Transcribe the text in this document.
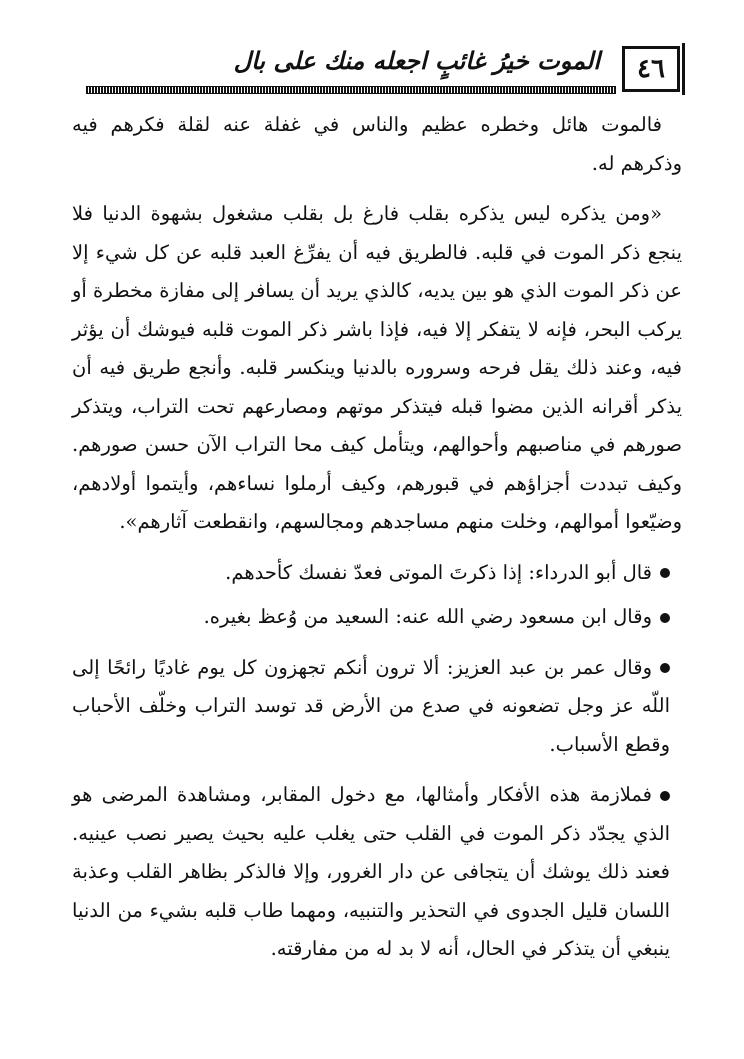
٤٦
الموت خيرُ غائبٍ اجعله منك على بال

فالموت هائل وخطره عظيم والناس في غفلة عنه لقلة فكرهم فيه وذكرهم له.

«ومن يذكره ليس يذكره بقلب فارغ بل بقلب مشغول بشهوة الدنيا فلا ينجع ذكر الموت في قلبه. فالطريق فيه أن يفرِّغ العبد قلبه عن كل شيء إلا عن ذكر الموت الذي هو بين يديه، كالذي يريد أن يسافر إلى مفازة مخطرة أو يركب البحر، فإنه لا يتفكر إلا فيه، فإذا باشر ذكر الموت قلبه فيوشك أن يؤثر فيه، وعند ذلك يقل فرحه وسروره بالدنيا وينكسر قلبه. وأنجع طريق فيه أن يذكر أقرانه الذين مضوا قبله فيتذكر موتهم ومصارعهم تحت التراب، ويتذكر صورهم في مناصبهم وأحوالهم، ويتأمل كيف محا التراب الآن حسن صورهم. وكيف تبددت أجزاؤهم في قبورهم، وكيف أرملوا نساءهم، وأيتموا أولادهم، وضيّعوا أموالهم، وخلت منهم مساجدهم ومجالسهم، وانقطعت آثارهم».

قال أبو الدرداء: إذا ذكرتَ الموتى فعدّ نفسك كأحدهم.

وقال ابن مسعود رضي الله عنه: السعيد من وُعظ بغيره.

وقال عمر بن عبد العزيز: ألا ترون أنكم تجهزون كل يوم غاديًا رائحًا إلى اللّه عز وجل تضعونه في صدع من الأرض قد توسد التراب وخلّف الأحباب وقطع الأسباب.

فملازمة هذه الأفكار وأمثالها، مع دخول المقابر، ومشاهدة المرضى هو الذي يجدّد ذكر الموت في القلب حتى يغلب عليه بحيث يصير نصب عينيه. فعند ذلك يوشك أن يتجافى عن دار الغرور، وإلا فالذكر بظاهر القلب وعذبة اللسان قليل الجدوى في التحذير والتنبيه، ومهما طاب قلبه بشيء من الدنيا ينبغي أن يتذكر في الحال، أنه لا بد له من مفارقته.
